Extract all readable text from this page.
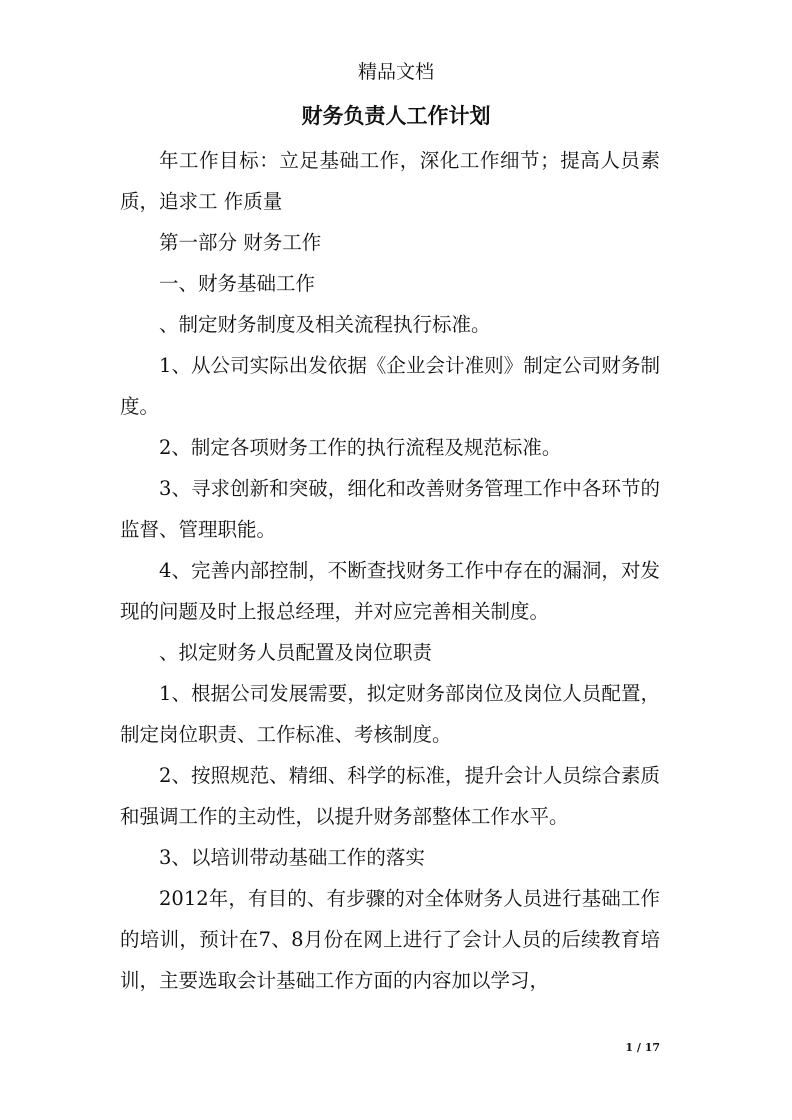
精品文档
财务负责人工作计划

年工作目标：立足基础工作，深化工作细节；提高人员素质，追求工 作质量

第一部分 财务工作

一、财务基础工作

、制定财务制度及相关流程执行标准。

1、从公司实际出发依据《企业会计准则》制定公司财务制度。

2、制定各项财务工作的执行流程及规范标准。

3、寻求创新和突破，细化和改善财务管理工作中各环节的监督、管理职能。

4、完善内部控制，不断查找财务工作中存在的漏洞，对发现的问题及时上报总经理，并对应完善相关制度。

、拟定财务人员配置及岗位职责

1、根据公司发展需要，拟定财务部岗位及岗位人员配置，制定岗位职责、工作标准、考核制度。

2、按照规范、精细、科学的标准，提升会计人员综合素质和强调工作的主动性，以提升财务部整体工作水平。

3、以培训带动基础工作的落实

2012年，有目的、有步骤的对全体财务人员进行基础工作的培训，预计在7、8月份在网上进行了会计人员的后续教育培训，主要选取会计基础工作方面的内容加以学习，

1 / 17
